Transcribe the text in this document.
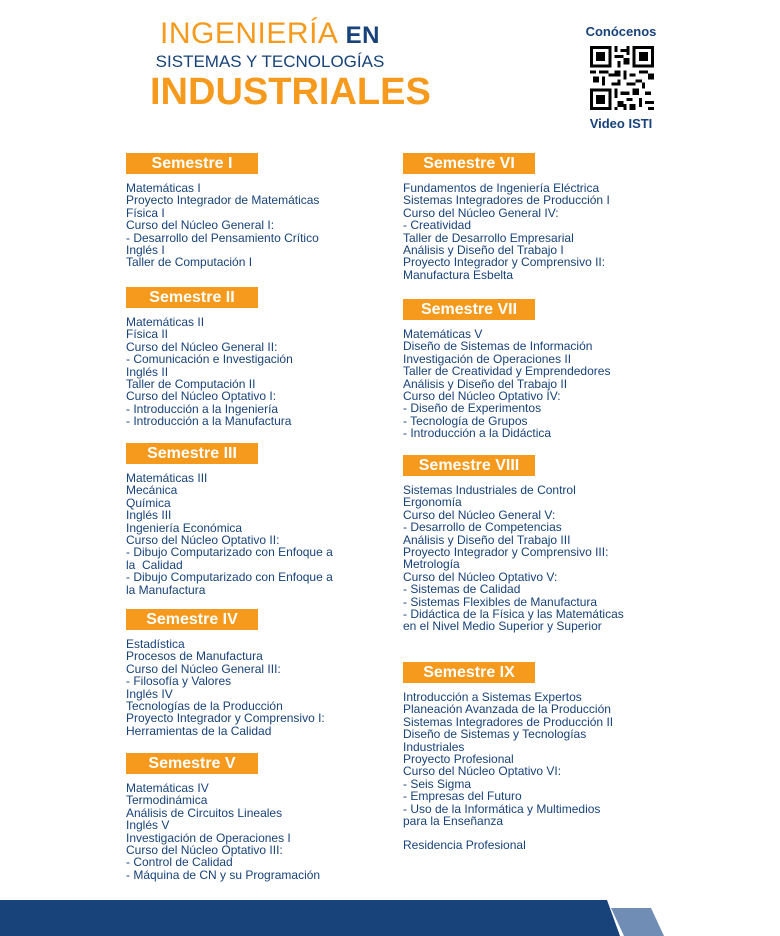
INGENIERÍA EN
SISTEMAS Y TECNOLOGÍAS
INDUSTRIALES
Conócenos
Video ISTI
Semestre I
Matemáticas I
Proyecto Integrador de Matemáticas
Física I
Curso del Núcleo General I:
- Desarrollo del Pensamiento Crítico
Inglés I
Taller de Computación I
Semestre II
Matemáticas II
Física II
Curso del Núcleo General II:
- Comunicación e Investigación
Inglés II
Taller de Computación II
Curso del Núcleo Optativo I:
- Introducción a la Ingeniería
- Introducción a la Manufactura
Semestre III
Matemáticas III
Mecánica
Química
Inglés III
Ingeniería Económica
Curso del Núcleo Optativo II:
- Dibujo Computarizado con Enfoque a
la  Calidad
- Dibujo Computarizado con Enfoque a
la Manufactura
Semestre IV
Estadística
Procesos de Manufactura
Curso del Núcleo General III:
- Filosofía y Valores
Inglés IV
Tecnologías de la Producción
Proyecto Integrador y Comprensivo I:
Herramientas de la Calidad
Semestre V
Matemáticas IV
Termodinámica
Análisis de Circuitos Lineales
Inglés V
Investigación de Operaciones I
Curso del Núcleo Optativo III:
- Control de Calidad
- Máquina de CN y su Programación
Semestre VI
Fundamentos de Ingeniería Eléctrica
Sistemas Integradores de Producción I
Curso del Núcleo General IV:
- Creatividad
Taller de Desarrollo Empresarial
Análisis y Diseño del Trabajo I
Proyecto Integrador y Comprensivo II:
Manufactura Esbelta
Semestre VII
Matemáticas V
Diseño de Sistemas de Información
Investigación de Operaciones II
Taller de Creatividad y Emprendedores
Análisis y Diseño del Trabajo II
Curso del Núcleo Optativo IV:
- Diseño de Experimentos
- Tecnología de Grupos
- Introducción a la Didáctica
Semestre VIII
Sistemas Industriales de Control
Ergonomía
Curso del Núcleo General V:
- Desarrollo de Competencias
Análisis y Diseño del Trabajo III
Proyecto Integrador y Comprensivo III:
Metrología
Curso del Núcleo Optativo V:
- Sistemas de Calidad
- Sistemas Flexibles de Manufactura
- Didáctica de la Física y las Matemáticas
en el Nivel Medio Superior y Superior
Semestre IX
Introducción a Sistemas Expertos
Planeación Avanzada de la Producción
Sistemas Integradores de Producción II
Diseño de Sistemas y Tecnologías
Industriales
Proyecto Profesional
Curso del Núcleo Optativo VI:
- Seis Sigma
- Empresas del Futuro
- Uso de la Informática y Multimedios
para la Enseñanza
Residencia Profesional
